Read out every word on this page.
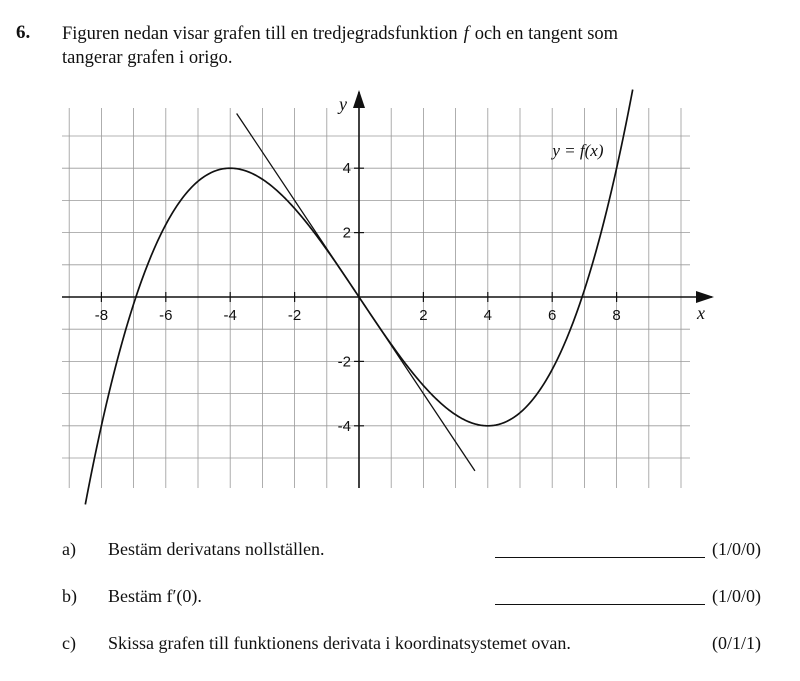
6. Figuren nedan visar grafen till en tredjegradsfunktion f och en tangent som
tangerar grafen i origo.
-8	-6	-4	-2	2	4	6	8
4
2
-2
-4
x
y
y = f(x)
a) Bestäm derivatans nollställen.	(1/0/0)
b) Bestäm f′(0).	(1/0/0)
c) Skissa grafen till funktionens derivata i koordinatsystemet ovan.	(0/1/1)
